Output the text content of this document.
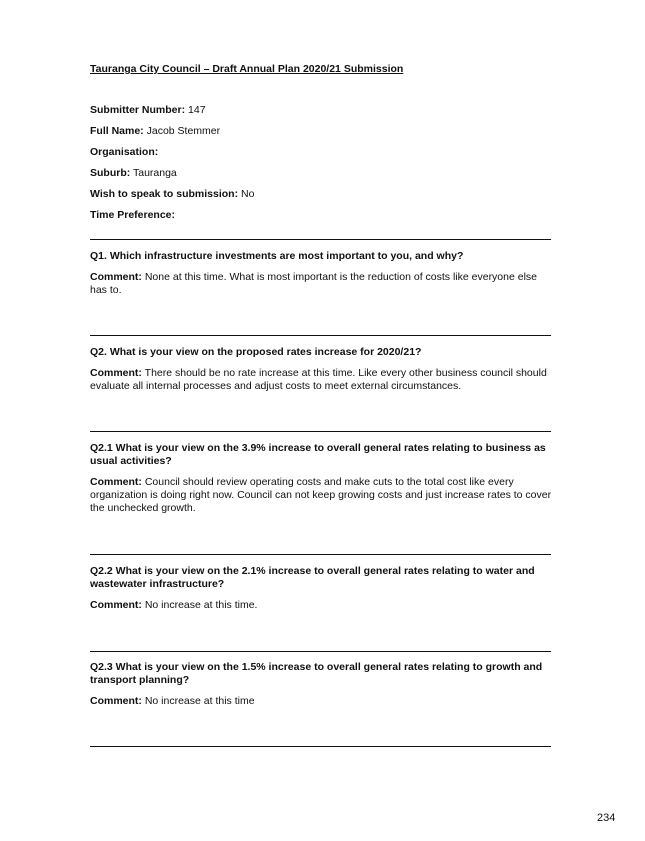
Tauranga City Council – Draft Annual Plan 2020/21 Submission
Submitter Number: 147
Full Name: Jacob Stemmer
Organisation:
Suburb: Tauranga
Wish to speak to submission: No
Time Preference:
Q1. Which infrastructure investments are most important to you, and why?
Comment: None at this time. What is most important is the reduction of costs like everyone else has to.
Q2. What is your view on the proposed rates increase for 2020/21?
Comment: There should be no rate increase at this time. Like every other business council should evaluate all internal processes and adjust costs to meet external circumstances.
Q2.1 What is your view on the 3.9% increase to overall general rates relating to business as usual activities?
Comment: Council should review operating costs and make cuts to the total cost like every organization is doing right now. Council can not keep growing costs and just increase rates to cover the unchecked growth.
Q2.2 What is your view on the 2.1% increase to overall general rates relating to water and wastewater infrastructure?
Comment: No increase at this time.
Q2.3 What is your view on the 1.5% increase to overall general rates relating to growth and transport planning?
Comment: No increase at this time
234
